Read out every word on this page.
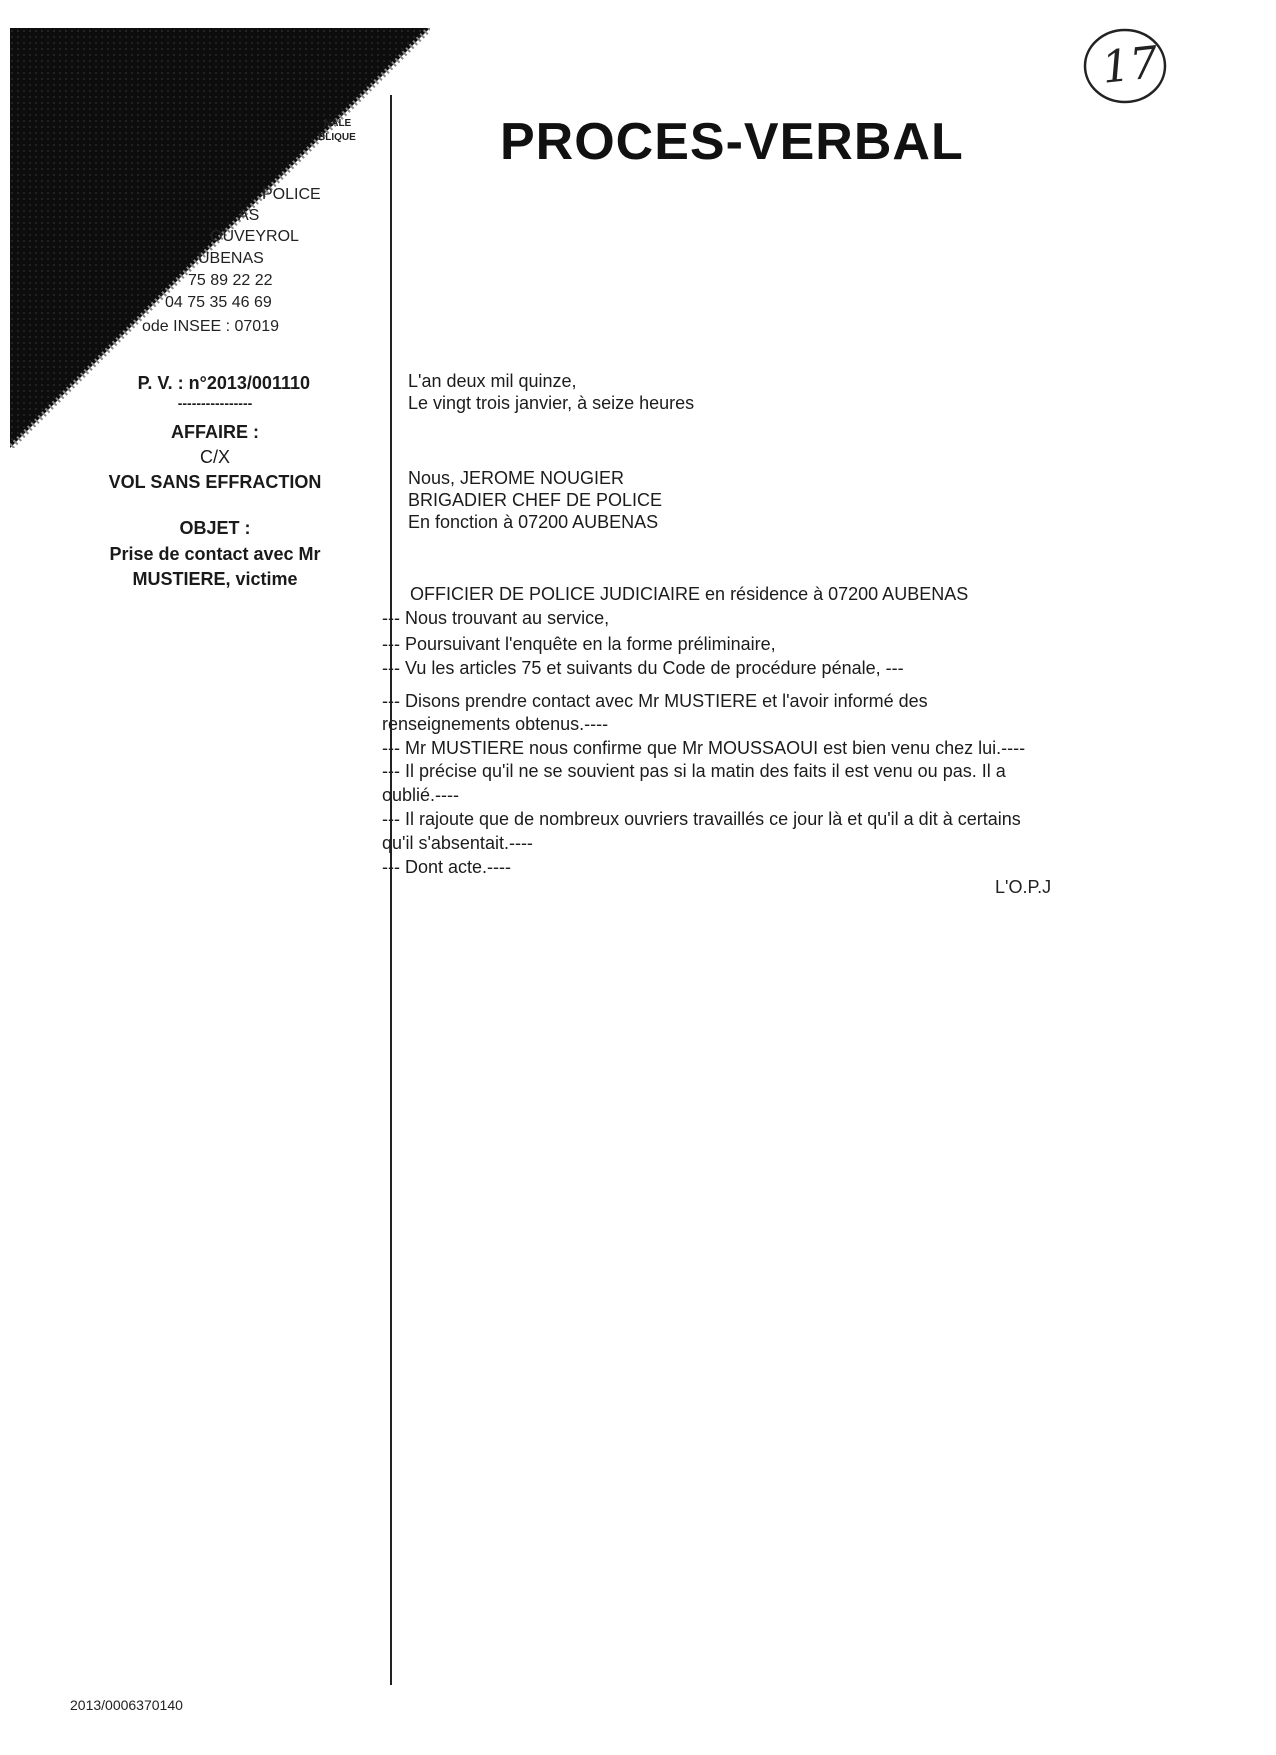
NALE
BLIQUE
POLICE
AS
OUVEYROL
UBENAS
75 89 22 22
04 75 35 46 69
ode INSEE : 07019
17
PROCES-VERBAL
P. V. : n°2013/001110
----------------
AFFAIRE :
C/X
VOL SANS EFFRACTION
OBJET :
Prise de contact avec Mr
MUSTIERE, victime
L'an deux mil quinze,
Le vingt trois janvier, à seize heures
Nous, JEROME NOUGIER
BRIGADIER CHEF DE POLICE
En fonction à 07200 AUBENAS
OFFICIER DE POLICE JUDICIAIRE en résidence à 07200 AUBENAS
--- Nous trouvant au service,
--- Poursuivant l'enquête en la forme préliminaire,
--- Vu les articles 75 et suivants du Code de procédure pénale, ---
--- Disons prendre contact avec Mr MUSTIERE et l'avoir informé des
renseignements obtenus.----
--- Mr MUSTIERE nous confirme que Mr MOUSSAOUI est bien venu chez lui.----
--- Il précise qu'il ne se souvient pas si la matin des faits il est venu ou pas. Il a
oublié.----
--- Il rajoute que de nombreux ouvriers travaillés ce jour là et qu'il a dit à certains
qu'il s'absentait.----
--- Dont acte.----
L'O.P.J
2013/0006370140
